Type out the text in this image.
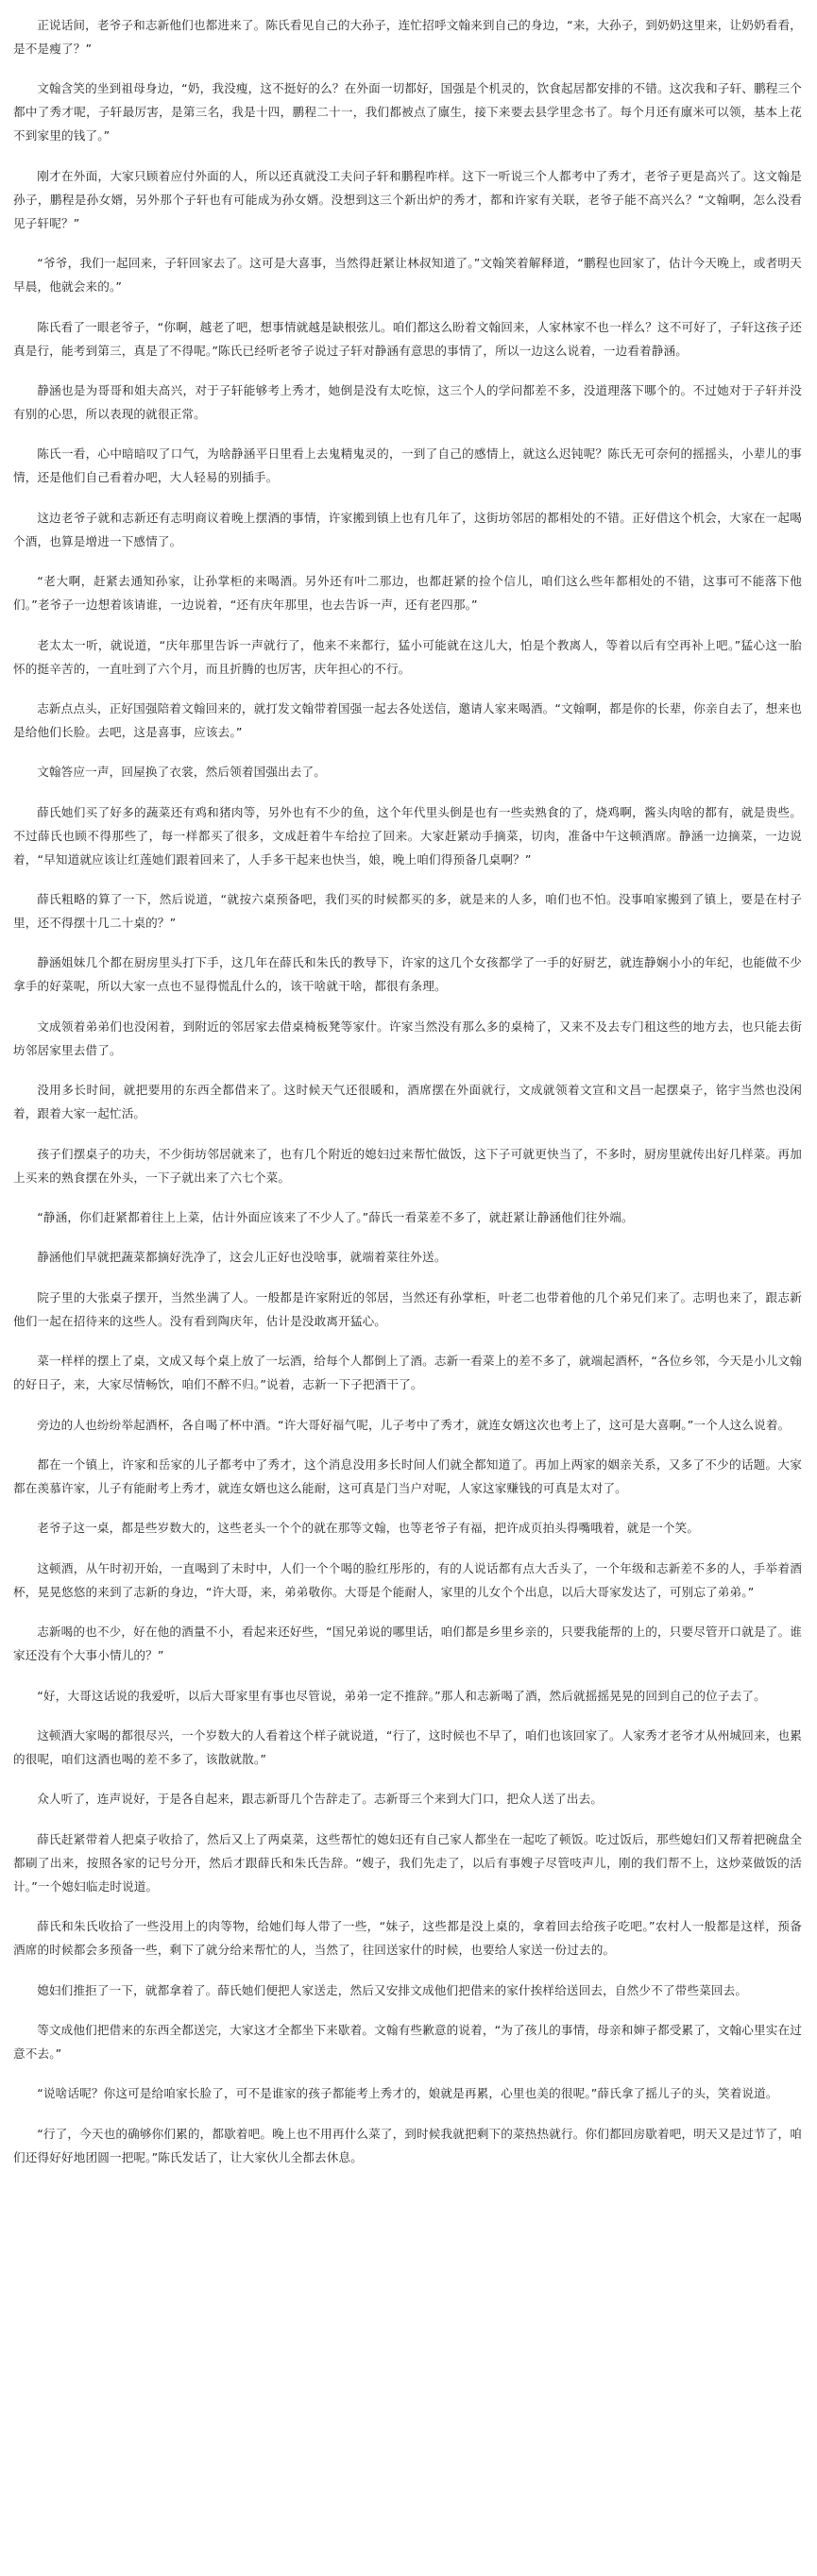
正说话间，老爷子和志新他们也都进来了。陈氏看见自己的大孙子，连忙招呼文翰来到自己的身边，“来，大孙子，到奶奶这里来，让奶奶看看，是不是瘦了？”

文翰含笑的坐到祖母身边，“奶，我没瘦，这不挺好的么？在外面一切都好，国强是个机灵的，饮食起居都安排的不错。这次我和子轩、鹏程三个都中了秀才呢，子轩最厉害，是第三名，我是十四，鹏程二十一，我们都被点了廪生，接下来要去县学里念书了。每个月还有廪米可以领，基本上花不到家里的钱了。”

刚才在外面，大家只顾着应付外面的人，所以还真就没工夫问子轩和鹏程咋样。这下一听说三个人都考中了秀才，老爷子更是高兴了。这文翰是孙子，鹏程是孙女婿，另外那个子轩也有可能成为孙女婿。没想到这三个新出炉的秀才，都和许家有关联，老爷子能不高兴么？“文翰啊，怎么没看见子轩呢？”

“爷爷，我们一起回来，子轩回家去了。这可是大喜事，当然得赶紧让林叔知道了。”文翰笑着解释道，“鹏程也回家了，估计今天晚上，或者明天早晨，他就会来的。”

陈氏看了一眼老爷子，“你啊，越老了吧，想事情就越是缺根弦儿。咱们都这么盼着文翰回来，人家林家不也一样么？这不可好了，子轩这孩子还真是行，能考到第三，真是了不得呢。”陈氏已经听老爷子说过子轩对静涵有意思的事情了，所以一边这么说着，一边看着静涵。

静涵也是为哥哥和姐夫高兴，对于子轩能够考上秀才，她倒是没有太吃惊，这三个人的学问都差不多，没道理落下哪个的。不过她对于子轩并没有别的心思，所以表现的就很正常。

陈氏一看，心中暗暗叹了口气，为啥静涵平日里看上去鬼精鬼灵的，一到了自己的感情上，就这么迟钝呢？陈氏无可奈何的摇摇头，小辈儿的事情，还是他们自己看着办吧，大人轻易的别插手。

这边老爷子就和志新还有志明商议着晚上摆酒的事情，许家搬到镇上也有几年了，这街坊邻居的都相处的不错。正好借这个机会，大家在一起喝个酒，也算是增进一下感情了。

“老大啊，赶紧去通知孙家，让孙掌柜的来喝酒。另外还有叶二那边，也都赶紧的捡个信儿，咱们这么些年都相处的不错，这事可不能落下他们。”老爷子一边想着该请谁，一边说着，“还有庆年那里，也去告诉一声，还有老四那。”

老太太一听，就说道，“庆年那里告诉一声就行了，他来不来都行，猛小可能就在这儿大，怕是个教离人，等着以后有空再补上吧。”猛心这一胎怀的挺辛苦的，一直吐到了六个月，而且折腾的也厉害，庆年担心的不行。

志新点点头，正好国强陪着文翰回来的，就打发文翰带着国强一起去各处送信，邀请人家来喝酒。“文翰啊，都是你的长辈，你亲自去了，想来也是给他们长脸。去吧，这是喜事，应该去。”

文翰答应一声，回屋换了衣裳，然后领着国强出去了。

薛氏她们买了好多的蔬菜还有鸡和猪肉等，另外也有不少的鱼，这个年代里头倒是也有一些卖熟食的了，烧鸡啊，酱头肉啥的都有，就是贵些。不过薛氏也顾不得那些了，每一样都买了很多，文成赶着牛车给拉了回来。大家赶紧动手摘菜，切肉，准备中午这顿酒席。静涵一边摘菜，一边说着，“早知道就应该让红莲她们跟着回来了，人手多干起来也快当，娘，晚上咱们得预备几桌啊？”

薛氏粗略的算了一下，然后说道，“就按六桌预备吧，我们买的时候都买的多，就是来的人多，咱们也不怕。没事咱家搬到了镇上，要是在村子里，还不得摆十几二十桌的？”

静涵姐妹几个都在厨房里头打下手，这几年在薛氏和朱氏的教导下，许家的这几个女孩都学了一手的好厨艺，就连静娴小小的年纪，也能做不少拿手的好菜呢，所以大家一点也不显得慌乱什么的，该干啥就干啥，都很有条理。

文成领着弟弟们也没闲着，到附近的邻居家去借桌椅板凳等家什。许家当然没有那么多的桌椅了，又来不及去专门租这些的地方去，也只能去街坊邻居家里去借了。

没用多长时间，就把要用的东西全都借来了。这时候天气还很暖和，酒席摆在外面就行，文成就领着文宣和文昌一起摆桌子，铭宇当然也没闲着，跟着大家一起忙活。

孩子们摆桌子的功夫，不少街坊邻居就来了，也有几个附近的媳妇过来帮忙做饭，这下子可就更快当了，不多时，厨房里就传出好几样菜。再加上买来的熟食摆在外头，一下子就出来了六七个菜。

“静涵，你们赶紧都着往上上菜，估计外面应该来了不少人了。”薛氏一看菜差不多了，就赶紧让静涵他们往外端。

静涵他们早就把蔬菜都摘好洗净了，这会儿正好也没啥事，就端着菜往外送。

院子里的大张桌子摆开，当然坐满了人。一般都是许家附近的邻居，当然还有孙掌柜，叶老二也带着他的几个弟兄们来了。志明也来了，跟志新他们一起在招待来的这些人。没有看到陶庆年，估计是没敢离开猛心。

菜一样样的摆上了桌，文成又每个桌上放了一坛酒，给每个人都倒上了酒。志新一看菜上的差不多了，就端起酒杯，“各位乡邻，今天是小儿文翰的好日子，来，大家尽情畅饮，咱们不醉不归。”说着，志新一下子把酒干了。

旁边的人也纷纷举起酒杯，各自喝了杯中酒。“许大哥好福气呢，儿子考中了秀才，就连女婿这次也考上了，这可是大喜啊。”一个人这么说着。

都在一个镇上，许家和岳家的儿子都考中了秀才，这个消息没用多长时间人们就全都知道了。再加上两家的姻亲关系，又多了不少的话题。大家都在羡慕许家，儿子有能耐考上秀才，就连女婿也这么能耐，这可真是门当户对呢，人家这家赚钱的可真是太对了。

老爷子这一桌，都是些岁数大的，这些老头一个个的就在那等文翰，也等老爷子有福，把许成页拍头得嘴哦着，就是一个笑。

这顿酒，从午时初开始，一直喝到了未时中，人们一个个喝的脸红彤彤的，有的人说话都有点大舌头了，一个年级和志新差不多的人，手举着酒杯，晃晃悠悠的来到了志新的身边，“许大哥，来，弟弟敬你。大哥是个能耐人，家里的儿女个个出息，以后大哥家发达了，可别忘了弟弟。”

志新喝的也不少，好在他的酒量不小，看起来还好些，“国兄弟说的哪里话，咱们都是乡里乡亲的，只要我能帮的上的，只要尽管开口就是了。谁家还没有个大事小情儿的？”

“好，大哥这话说的我爱听，以后大哥家里有事也尽管说，弟弟一定不推辞。”那人和志新喝了酒，然后就摇摇晃晃的回到自己的位子去了。

这顿酒大家喝的都很尽兴，一个岁数大的人看着这个样子就说道，“行了，这时候也不早了，咱们也该回家了。人家秀才老爷才从州城回来，也累的很呢，咱们这酒也喝的差不多了，该散就散。”

众人听了，连声说好，于是各自起来，跟志新哥几个告辞走了。志新哥三个来到大门口，把众人送了出去。

薛氏赶紧带着人把桌子收拾了，然后又上了两桌菜，这些帮忙的媳妇还有自己家人都坐在一起吃了顿饭。吃过饭后，那些媳妇们又帮着把碗盘全都刷了出来，按照各家的记号分开，然后才跟薛氏和朱氏告辞。“嫂子，我们先走了，以后有事嫂子尽管吱声儿，刚的我们帮不上，这炒菜做饭的活计。”一个媳妇临走时说道。

薛氏和朱氏收拾了一些没用上的肉等物，给她们每人带了一些，“妹子，这些都是没上桌的，拿着回去给孩子吃吧。”农村人一般都是这样，预备酒席的时候都会多预备一些，剩下了就分给来帮忙的人，当然了，往回送家什的时候，也要给人家送一份过去的。

媳妇们推拒了一下，就都拿着了。薛氏她们便把人家送走，然后又安排文成他们把借来的家什挨样给送回去，自然少不了带些菜回去。

等文成他们把借来的东西全都送完，大家这才全都坐下来歇着。文翰有些歉意的说着，“为了孩儿的事情，母亲和婶子都受累了，文翰心里实在过意不去。”

“说啥话呢？你这可是给咱家长脸了，可不是谁家的孩子都能考上秀才的，娘就是再累，心里也美的很呢。”薛氏拿了摇儿子的头，笑着说道。

“行了，今天也的确够你们累的，都歇着吧。晚上也不用再什么菜了，到时候我就把剩下的菜热热就行。你们都回房歇着吧，明天又是过节了，咱们还得好好地团圆一把呢。”陈氏发话了，让大家伙儿全都去休息。
